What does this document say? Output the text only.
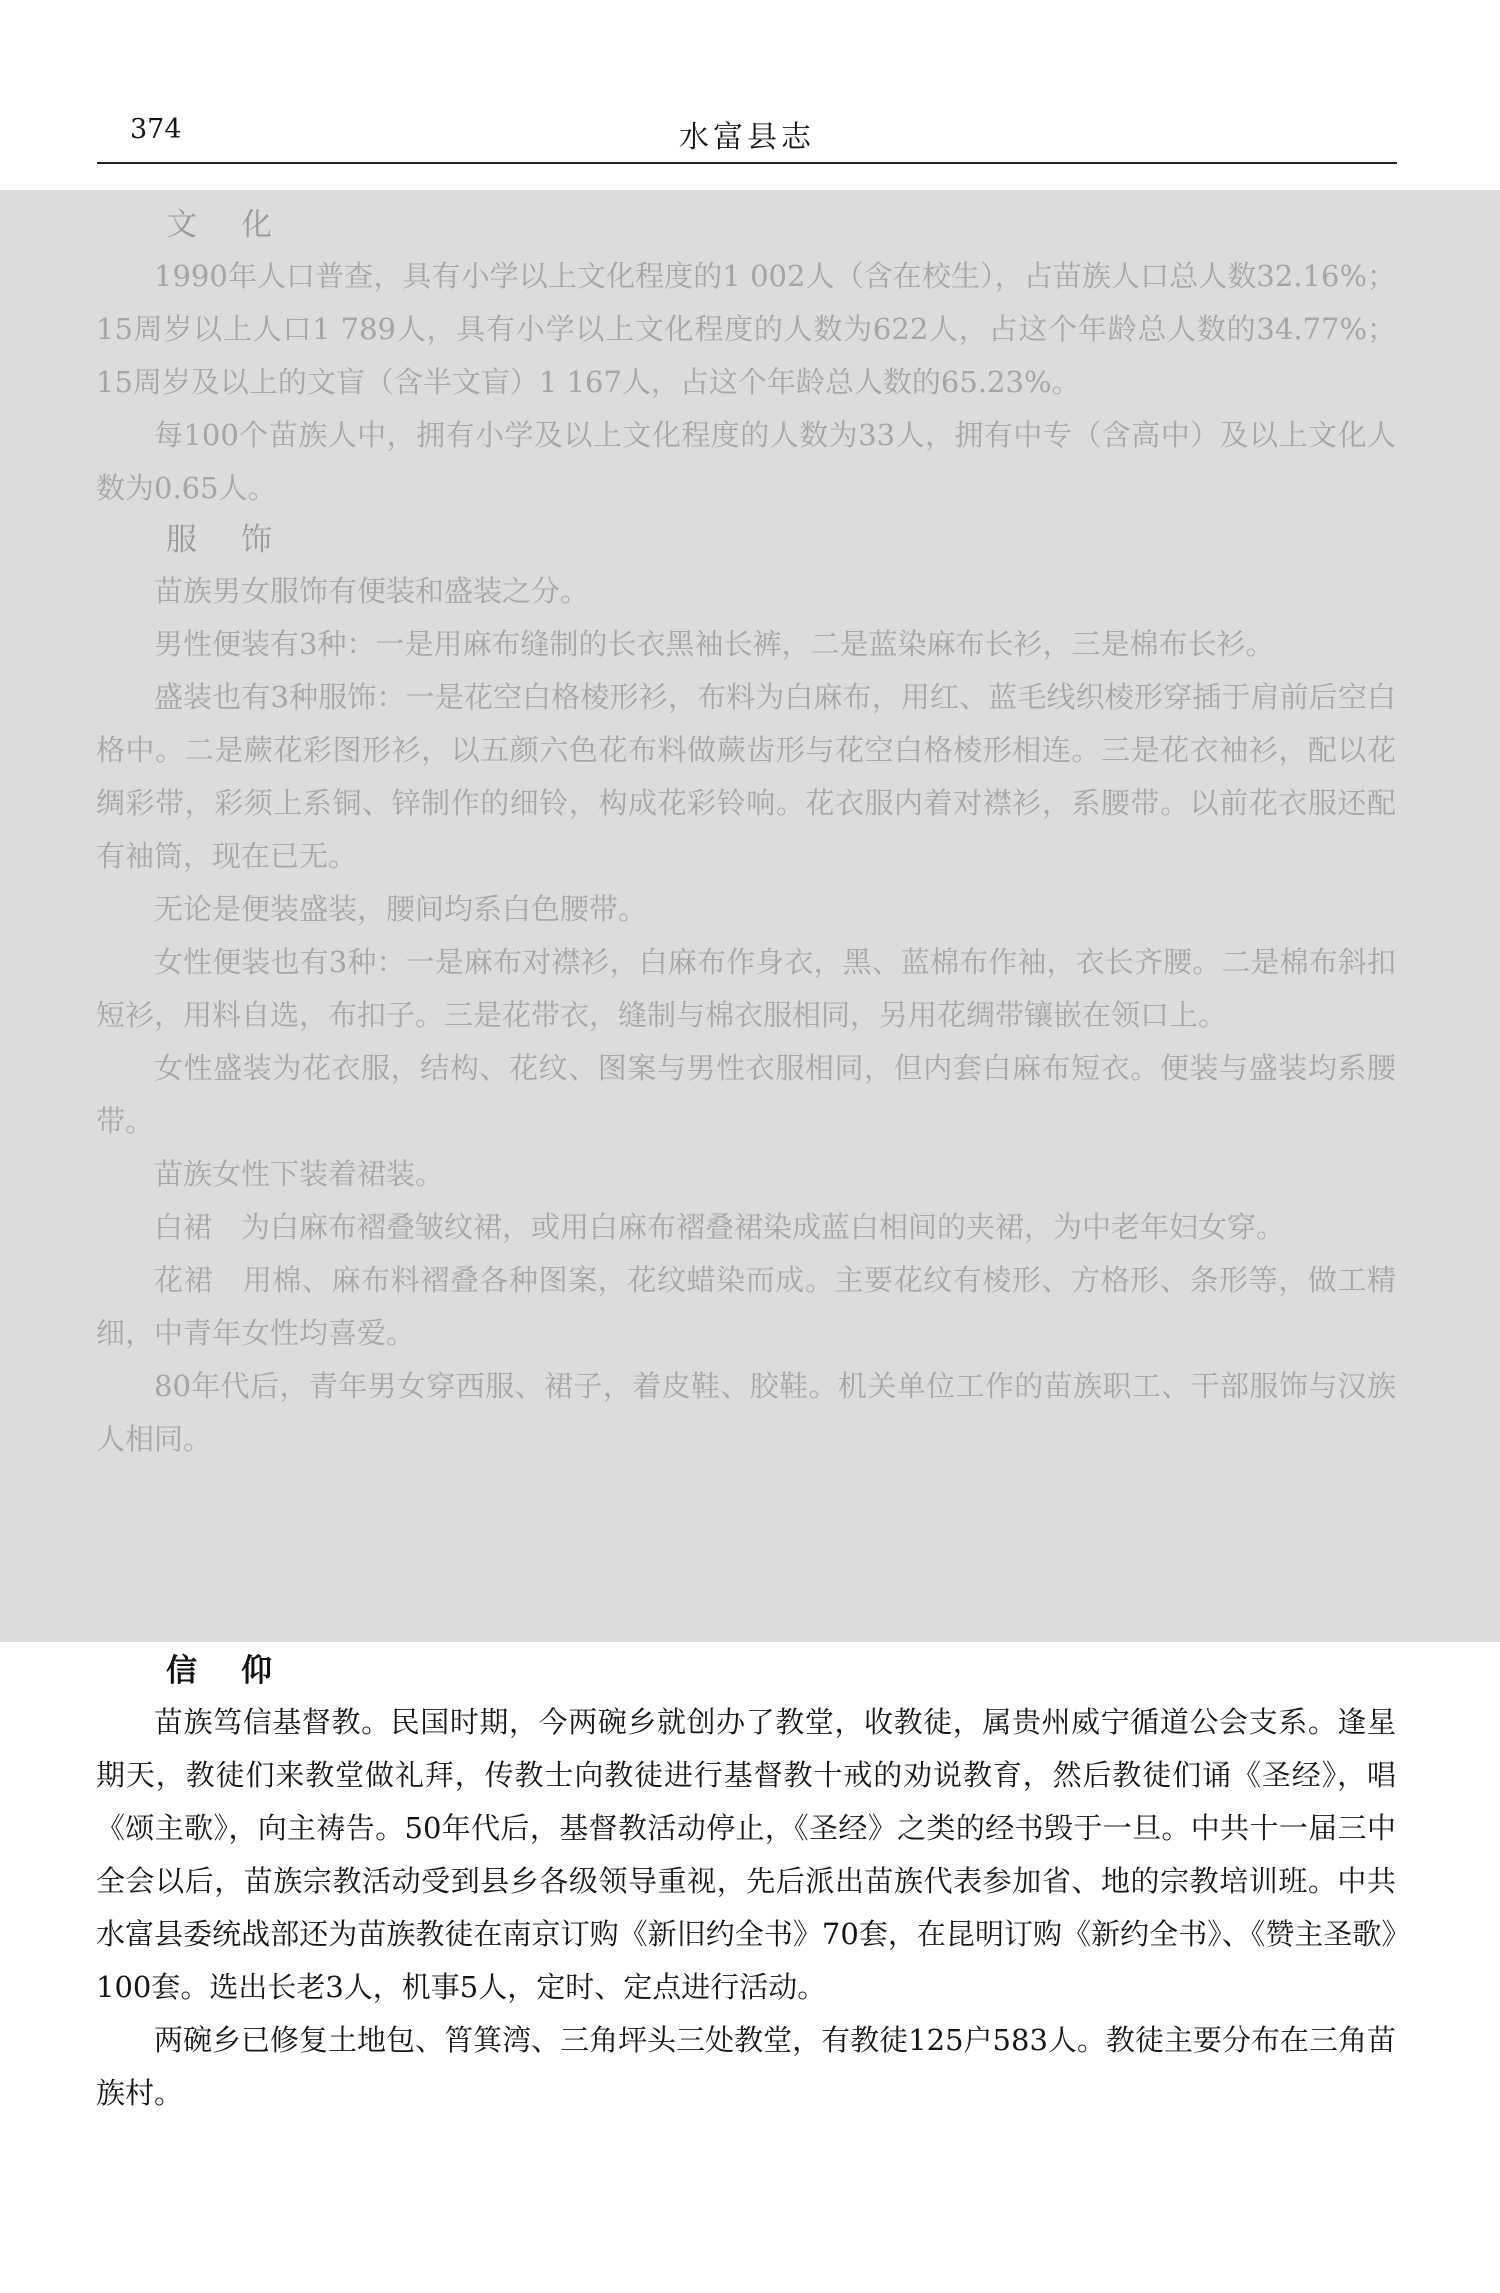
374	水富县志
文化

1990年人口普查，具有小学以上文化程度的1 002人（含在校生），占苗族人口总人数32.16%；15周岁以上人口1 789人，具有小学以上文化程度的人数为622人，占这个年龄总人数的34.77%；15周岁及以上的文盲（含半文盲）1 167人，占这个年龄总人数的65.23%。

每100个苗族人中，拥有小学及以上文化程度的人数为33人，拥有中专（含高中）及以上文化人数为0.65人。

服饰

苗族男女服饰有便装和盛装之分。

男性便装有3种：一是用麻布缝制的长衣黑袖长裤，二是蓝染麻布长衫，三是棉布长衫。

盛装也有3种服饰：一是花空白格棱形衫，布料为白麻布，用红、蓝毛线织棱形穿插于肩前后空白格中。二是蕨花彩图形衫，以五颜六色花布料做蕨齿形与花空白格棱形相连。三是花衣袖衫，配以花绸彩带，彩须上系铜、锌制作的细铃，构成花彩铃响。花衣服内着对襟衫，系腰带。以前花衣服还配有袖筒，现在已无。

无论是便装盛装，腰间均系白色腰带。

女性便装也有3种：一是麻布对襟衫，白麻布作身衣，黑、蓝棉布作袖，衣长齐腰。二是棉布斜扣短衫，用料自选，布扣子。三是花带衣，缝制与棉衣服相同，另用花绸带镶嵌在领口上。

女性盛装为花衣服，结构、花纹、图案与男性衣服相同，但内套白麻布短衣。便装与盛装均系腰带。

苗族女性下装着裙装。

白裙　为白麻布褶叠皱纹裙，或用白麻布褶叠裙染成蓝白相间的夹裙，为中老年妇女穿。

花裙　用棉、麻布料褶叠各种图案，花纹蜡染而成。主要花纹有棱形、方格形、条形等，做工精细，中青年女性均喜爱。

80年代后，青年男女穿西服、裙子，着皮鞋、胶鞋。机关单位工作的苗族职工、干部服饰与汉族人相同。

信仰

苗族笃信基督教。民国时期，今两碗乡就创办了教堂，收教徒，属贵州威宁循道公会支系。逢星期天，教徒们来教堂做礼拜，传教士向教徒进行基督教十戒的劝说教育，然后教徒们诵《圣经》，唱《颂主歌》，向主祷告。50年代后，基督教活动停止，《圣经》之类的经书毁于一旦。中共十一届三中全会以后，苗族宗教活动受到县乡各级领导重视，先后派出苗族代表参加省、地的宗教培训班。中共水富县委统战部还为苗族教徒在南京订购《新旧约全书》70套，在昆明订购《新约全书》、《赞主圣歌》100套。选出长老3人，机事5人，定时、定点进行活动。

两碗乡已修复土地包、筲箕湾、三角坪头三处教堂，有教徒125户583人。教徒主要分布在三角苗族村。
